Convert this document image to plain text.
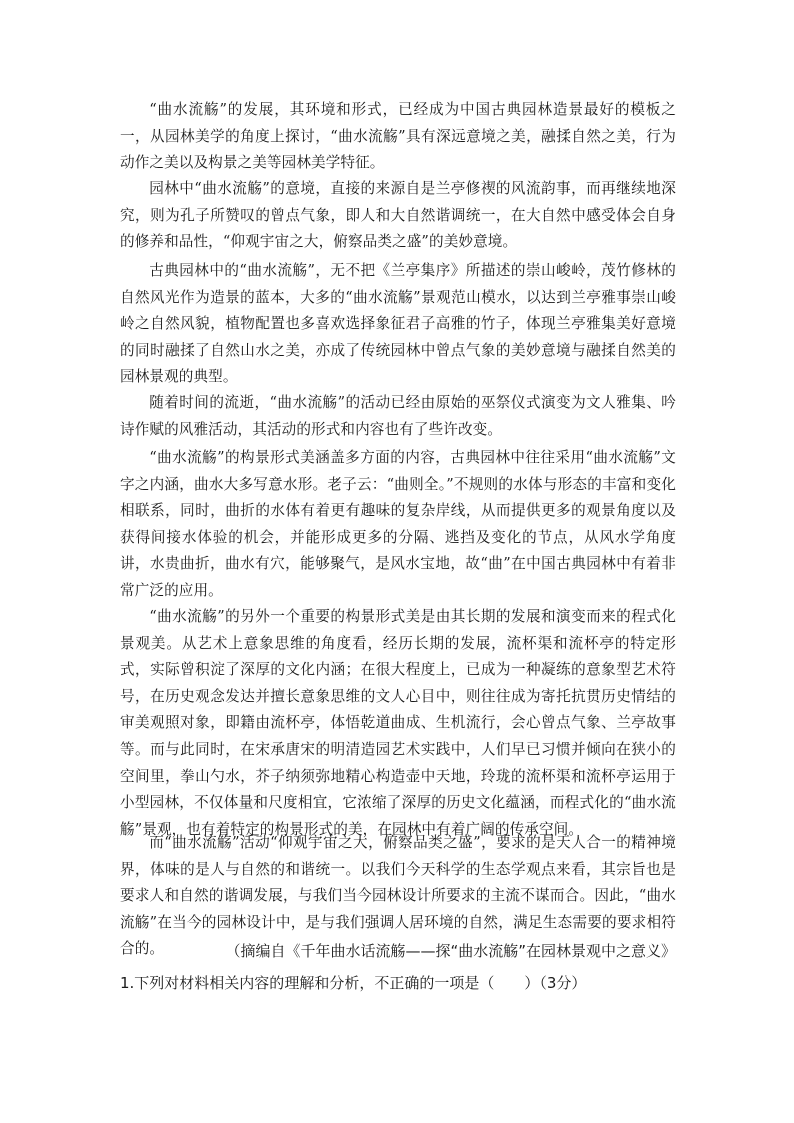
“曲水流觞”的发展，其环境和形式，已经成为中国古典园林造景最好的模板之一，从园林美学的角度上探讨，“曲水流觞”具有深远意境之美，融揉自然之美，行为动作之美以及构景之美等园林美学特征。

园林中“曲水流觞”的意境，直接的来源自是兰亭修禊的风流韵事，而再继续地深究，则为孔子所赞叹的曾点气象，即人和大自然谐调统一，在大自然中感受体会自身的修养和品性，“仰观宇宙之大，俯察品类之盛”的美妙意境。

古典园林中的“曲水流觞”，无不把《兰亭集序》所描述的崇山峻岭，茂竹修林的自然风光作为造景的蓝本，大多的“曲水流觞”景观范山模水，以达到兰亭雅事崇山峻岭之自然风貌，植物配置也多喜欢选择象征君子高雅的竹子，体现兰亭雅集美好意境的同时融揉了自然山水之美，亦成了传统园林中曾点气象的美妙意境与融揉自然美的园林景观的典型。

随着时间的流逝，“曲水流觞”的活动已经由原始的巫祭仪式演变为文人雅集、吟诗作赋的风雅活动，其活动的形式和内容也有了些许改变。

“曲水流觞”的构景形式美涵盖多方面的内容，古典园林中往往采用“曲水流觞”文字之内涵，曲水大多写意水形。老子云：“曲则全。”不规则的水体与形态的丰富和变化相联系，同时，曲折的水体有着更有趣味的复杂岸线，从而提供更多的观景角度以及获得间接水体验的机会，并能形成更多的分隔、逃挡及变化的节点，从风水学角度讲，水贵曲折，曲水有穴，能够聚气，是风水宝地，故“曲”在中国古典园林中有着非常广泛的应用。

“曲水流觞”的另外一个重要的构景形式美是由其长期的发展和演变而来的程式化景观美。从艺术上意象思维的角度看，经历长期的发展，流杯渠和流杯亭的特定形式，实际曾积淀了深厚的文化内涵；在很大程度上，已成为一种凝练的意象型艺术符号，在历史观念发达并擅长意象思维的文人心目中，则往往成为寄托抗贯历史情结的审美观照对象，即籍由流杯亭，体悟乾道曲成、生机流行，会心曾点气象、兰亭故事等。而与此同时，在宋承唐宋的明清造园艺术实践中，人们早已习惯并倾向在狭小的空间里，拳山勺水，芥子纳须弥地精心构造壶中天地，玲珑的流杯渠和流杯亭运用于小型园林，不仅体量和尺度相宜，它浓缩了深厚的历史文化蕴涵，而程式化的“曲水流觞”景观，也有着特定的构景形式的美，在园林中有着广阔的传承空间。

而“曲水流觞”活动“仰观宇宙之大，俯察品类之盛”，要求的是天人合一的精神境界，体味的是人与自然的和谐统一。以我们今天科学的生态学观点来看，其宗旨也是要求人和自然的谐调发展，与我们当今园林设计所要求的主流不谋而合。因此，“曲水流觞”在当今的园林设计中，是与我们强调人居环境的自然，满足生态需要的要求相符合的。	（摘编自《千年曲水话流觞——探“曲水流觞”在园林景观中之意义》

1.下列对材料相关内容的理解和分析，不正确的一项是（　　）（3分）
